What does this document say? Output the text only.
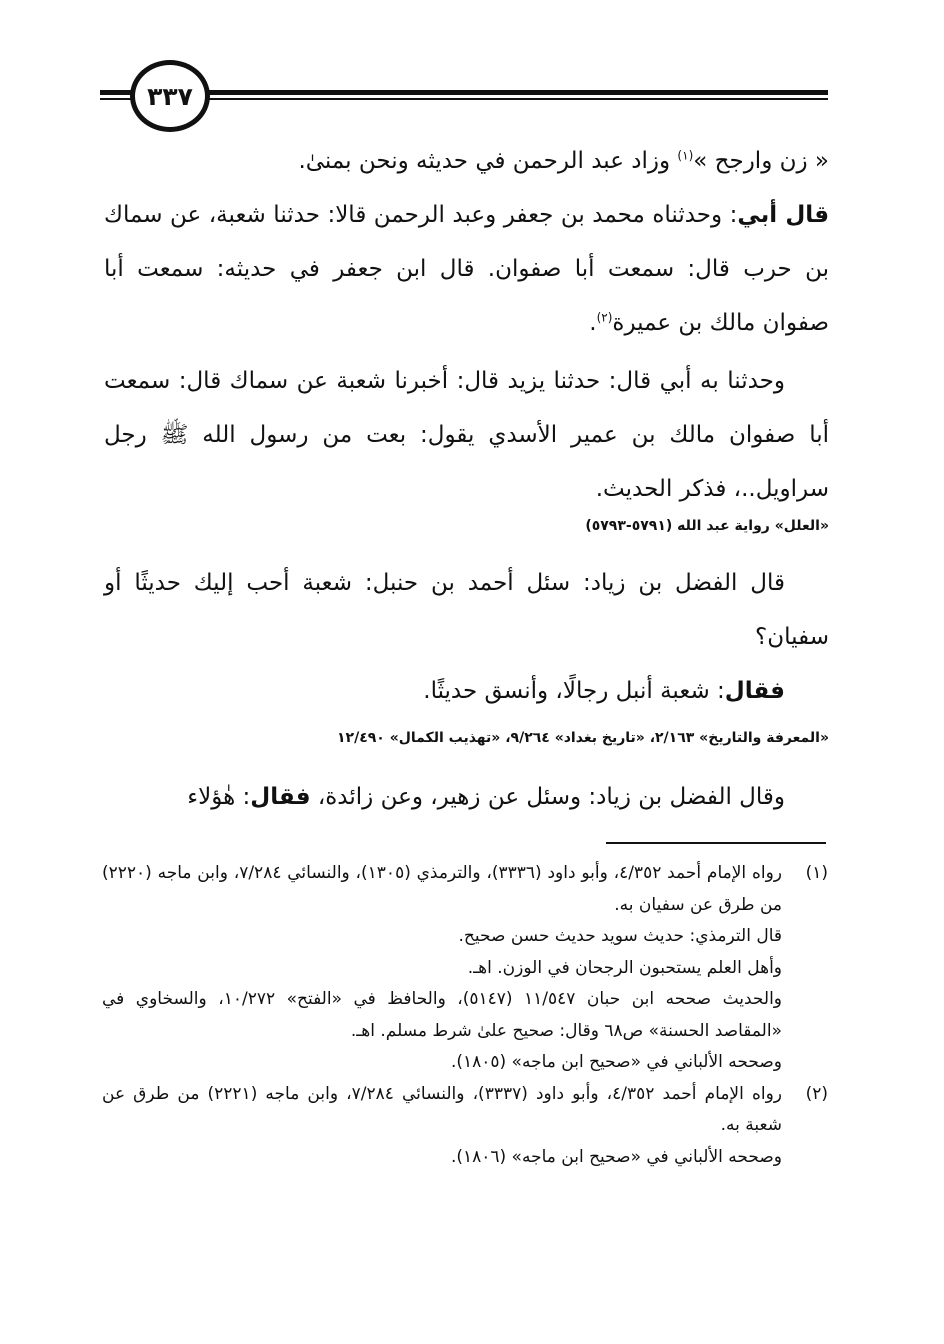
٣٣٧

« زن وارجح »$^{(١)}$ وزاد عبد الرحمن في حديثه ونحن بمنىٰ.

قال أبي: وحدثناه محمد بن جعفر وعبد الرحمن قالا: حدثنا شعبة، عن سماك بن حرب قال: سمعت أبا صفوان. قال ابن جعفر في حديثه: سمعت أبا صفوان مالك بن عميرة$^{(٢)}$.

وحدثنا به أبي قال: حدثنا يزيد قال: أخبرنا شعبة عن سماك قال: سمعت أبا صفوان مالك بن عمير الأسدي يقول: بعت من رسول الله ﷺ رجل سراويل..، فذكر الحديث.

«العلل» رواية عبد الله (٥٧٩١-٥٧٩٣)

قال الفضل بن زياد: سئل أحمد بن حنبل: شعبة أحب إليك حديثًا أو سفيان؟

فقال: شعبة أنبل رجالًا، وأنسق حديثًا.

«المعرفة والتاريخ» ٢/١٦٣، «تاريخ بغداد» ٩/٢٦٤، «تهذيب الكمال» ١٢/٤٩٠

وقال الفضل بن زياد: وسئل عن زهير، وعن زائدة، فقال: هٰؤلاء

(١)
رواه الإمام أحمد ٤/٣٥٢، وأبو داود (٣٣٣٦)، والترمذي (١٣٠٥)، والنسائي ٧/٢٨٤، وابن ماجه (٢٢٢٠) من طرق عن سفيان به.
قال الترمذي: حديث سويد حديث حسن صحيح.
وأهل العلم يستحبون الرجحان في الوزن. اهـ.
والحديث صححه ابن حبان ١١/٥٤٧ (٥١٤٧)، والحافظ في «الفتح» ١٠/٢٧٢، والسخاوي في «المقاصد الحسنة» ص٦٨ وقال: صحيح علىٰ شرط مسلم. اهـ.
وصححه الألباني في «صحيح ابن ماجه» (١٨٠٥).
(٢)
رواه الإمام أحمد ٤/٣٥٢، وأبو داود (٣٣٣٧)، والنسائي ٧/٢٨٤، وابن ماجه (٢٢٢١) من طرق عن شعبة به.
وصححه الألباني في «صحيح ابن ماجه» (١٨٠٦).
